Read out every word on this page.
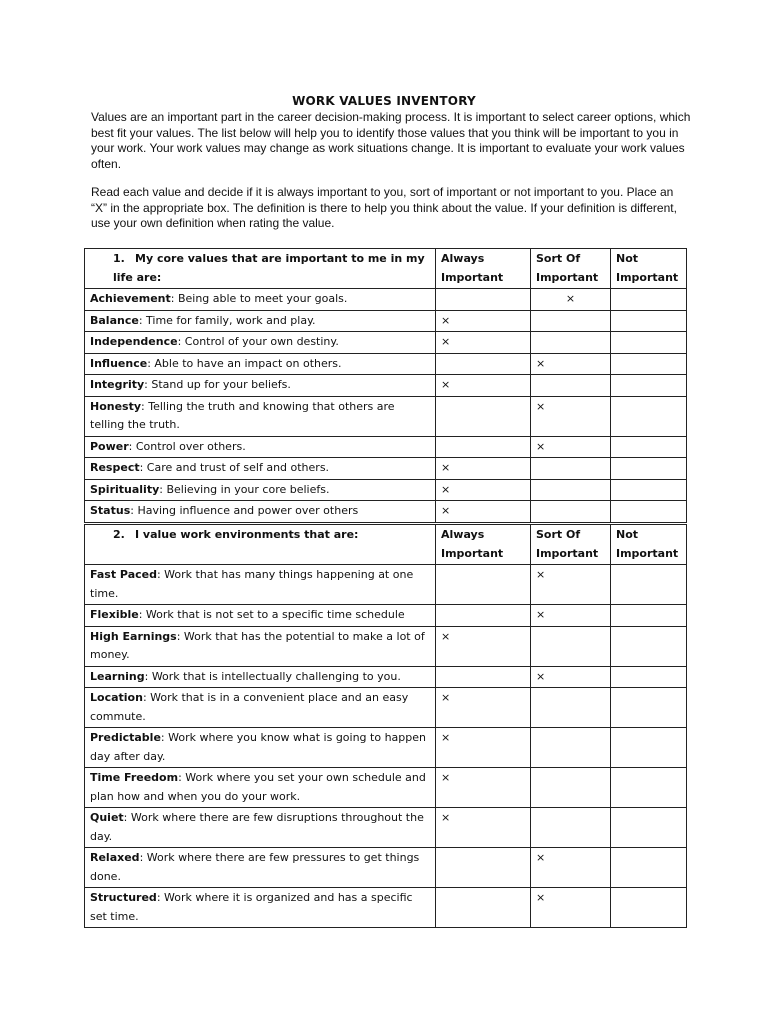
WORK VALUES INVENTORY
Values are an important part in the career decision-making process. It is important to select career options, which best fit your values. The list below will help you to identify those values that you think will be important to you in your work. Your work values may change as work situations change. It is important to evaluate your work values often.
Read each value and decide if it is always important to you, sort of important or not important to you. Place an “X” in the appropriate box. The definition is there to help you think about the value. If your definition is different, use your own definition when rating the value.
1. My core values that are important to me in my life are:	Always Important	Sort Of Important	Not Important
Achievement: Being able to meet your goals.		×	
Balance: Time for family, work and play.	×		
Independence: Control of your own destiny.	×		
Influence: Able to have an impact on others.		×	
Integrity: Stand up for your beliefs.	×		
Honesty: Telling the truth and knowing that others are telling the truth.		×	
Power: Control over others.		×	
Respect: Care and trust of self and others.	×		
Spirituality: Believing in your core beliefs.	×		
Status: Having influence and power over others	×		
2. I value work environments that are:	Always Important	Sort Of Important	Not Important
Fast Paced: Work that has many things happening at one time.		×	
Flexible: Work that is not set to a specific time schedule		×	
High Earnings: Work that has the potential to make a lot of money.	×		
Learning: Work that is intellectually challenging to you.		×	
Location: Work that is in a convenient place and an easy commute.	×		
Predictable: Work where you know what is going to happen day after day.	×		
Time Freedom: Work where you set your own schedule and plan how and when you do your work.	×		
Quiet: Work where there are few disruptions throughout the day.	×		
Relaxed: Work where there are few pressures to get things done.		×	
Structured: Work where it is organized and has a specific set time.		×	
